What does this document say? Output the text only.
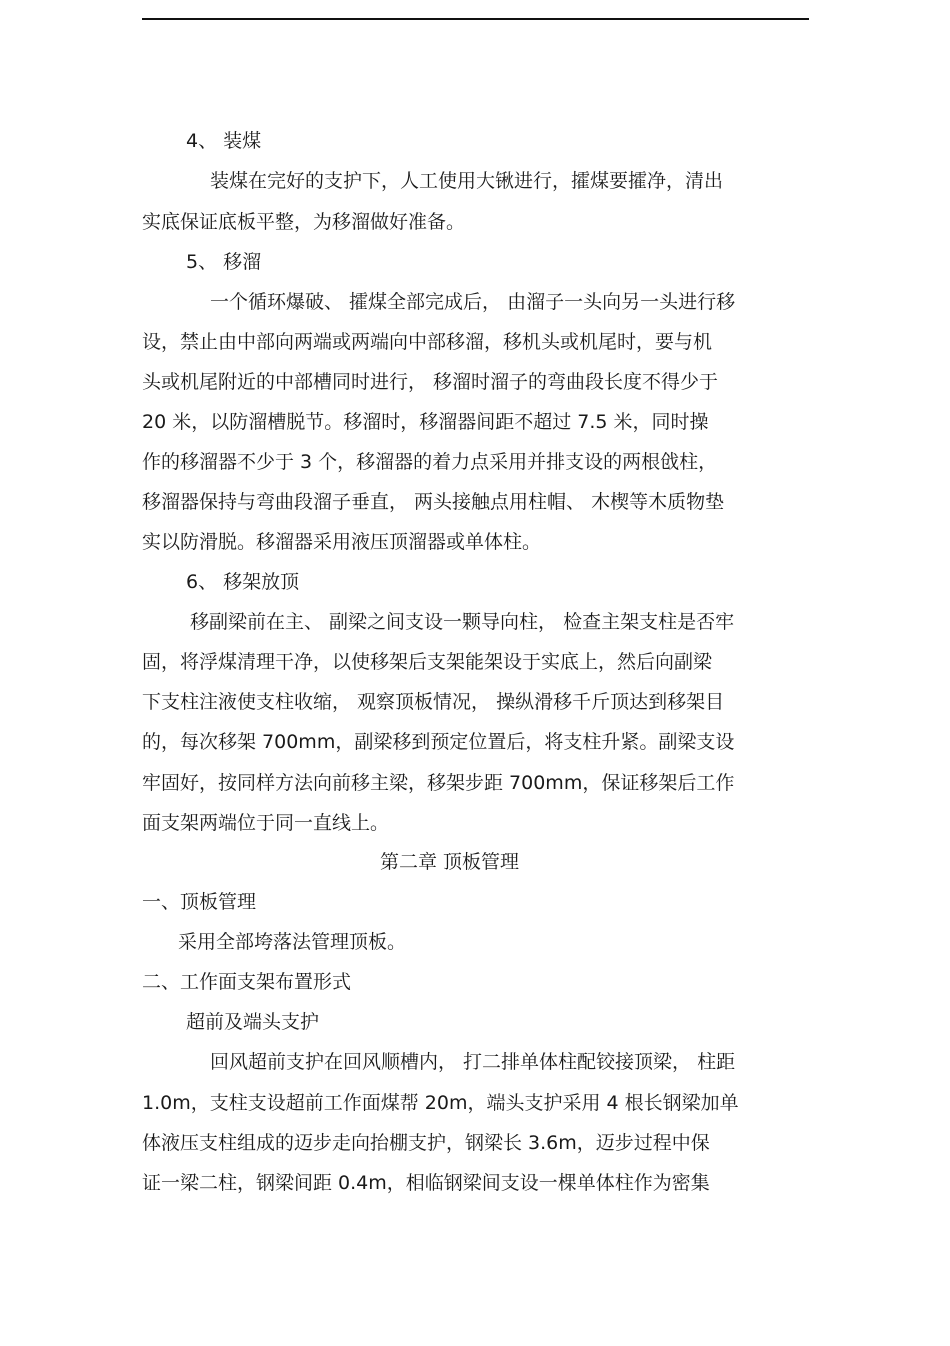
4、 装煤
装煤在完好的支护下，人工使用大锹进行，攉煤要攉净，清出
实底保证底板平整，为移溜做好准备。
5、 移溜
一个循环爆破、 攉煤全部完成后， 由溜子一头向另一头进行移
设，禁止由中部向两端或两端向中部移溜，移机头或机尾时，要与机
头或机尾附近的中部槽同时进行， 移溜时溜子的弯曲段长度不得少于
20 米，以防溜槽脱节。移溜时，移溜器间距不超过 7.5 米，同时操
作的移溜器不少于 3 个，移溜器的着力点采用并排支设的两根戗柱，
移溜器保持与弯曲段溜子垂直， 两头接触点用柱帽、 木楔等木质物垫
实以防滑脱。移溜器采用液压顶溜器或单体柱。
6、 移架放顶
移副梁前在主、 副梁之间支设一颗导向柱， 检查主架支柱是否牢
固，将浮煤清理干净，以使移架后支架能架设于实底上，然后向副梁
下支柱注液使支柱收缩， 观察顶板情况， 操纵滑移千斤顶达到移架目
的，每次移架 700mm，副梁移到预定位置后，将支柱升紧。副梁支设
牢固好，按同样方法向前移主梁，移架步距 700mm，保证移架后工作
面支架两端位于同一直线上。
第二章 顶板管理
一、顶板管理
采用全部垮落法管理顶板。
二、工作面支架布置形式
超前及端头支护
回风超前支护在回风顺槽内， 打二排单体柱配铰接顶梁， 柱距
1.0m，支柱支设超前工作面煤帮 20m，端头支护采用 4 根长钢梁加单
体液压支柱组成的迈步走向抬棚支护，钢梁长 3.6m，迈步过程中保
证一梁二柱，钢梁间距 0.4m，相临钢梁间支设一棵单体柱作为密集
